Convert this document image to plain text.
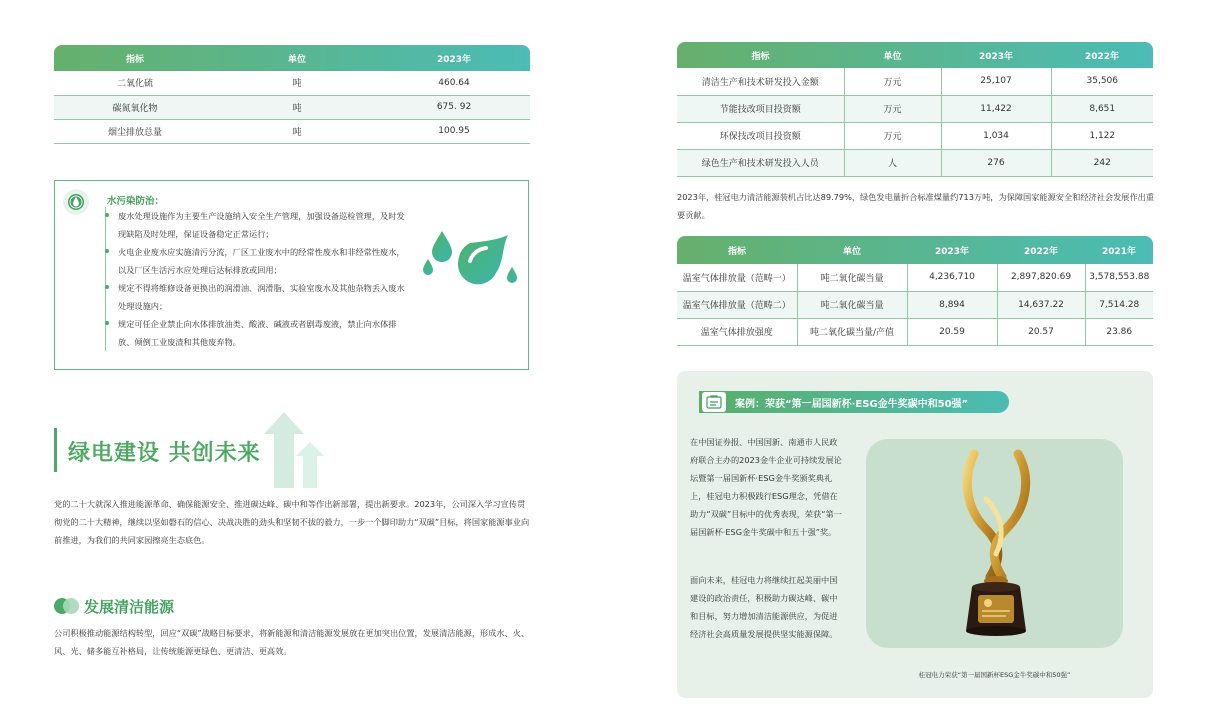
指标	单位	2023年
二氧化硫	吨	460.64
碳氮氧化物	吨	675. 92
烟尘排放总量	吨	100.95
水污染防治：
废水处理设施作为主要生产设施纳入安全生产管理，加强设备巡检管理，及时发现缺陷及时处理，保证设备稳定正常运行；
火电企业废水应实施清污分流，厂区工业废水中的经常性废水和非经常性废水，以及厂区生活污水应处理后达标排放或回用；
规定不得将维修设备更换出的润滑油、润滑脂、实验室废水及其他杂物丢入废水处理设施内；
规定可任企业禁止向水体排放油类、酸液、碱液或者剧毒废液，禁止向水体排放、倾倒工业废渣和其他废弃物。
绿电建设 共创未来
党的二十大就深入推进能源革命、确保能源安全、推进碳达峰、碳中和等作出新部署，提出新要求。2023年，公司深入学习宣传贯彻党的二十大精神，继续以坚如磐石的信心、决战决胜的劲头和坚韧不拔的毅力，一步一个脚印助力“双碳”目标，将国家能源事业向前推进，为我们的共同家园擦亮生态底色。
发展清洁能源
公司积极推动能源结构转型，回应“双碳”战略目标要求，将新能源和清洁能源发展放在更加突出位置，发展清洁能源，形成水、火、风、光、储多能互补格局，让传统能源更绿色、更清洁、更高效。
指标	单位	2023年	2022年
清洁生产和技术研发投入金额	万元	25,107	35,506
节能技改项目投资额	万元	11,422	8,651
环保技改项目投资额	万元	1,034	1,122
绿色生产和技术研发投入人员	人	276	242
2023年，桂冠电力清洁能源装机占比达89.79%，绿色发电量折合标准煤量约713万吨，为保障国家能源安全和经济社会发展作出重要贡献。
指标	单位	2023年	2022年	2021年
温室气体排放量（范畴一）	吨二氧化碳当量	4,236,710	2,897,820.69	3,578,553.88
温室气体排放量（范畴二）	吨二氧化碳当量	8,894	14,637.22	7,514.28
温室气体排放强度	吨二氧化碳当量/产值	20.59	20.57	23.86
案例：荣获“第一届国新杯·ESG金牛奖碳中和50强”
在中国证券报、中国国新、南通市人民政府联合主办的2023金牛企业可持续发展论坛暨第一届国新杯·ESG金牛奖颁奖典礼上，桂冠电力积极践行ESG理念，凭借在助力“双碳”目标中的优秀表现，荣获“第一届国新杯·ESG金牛奖碳中和五十强”奖。
面向未来，桂冠电力将继续扛起美丽中国建设的政治责任，积极助力碳达峰、碳中和目标，努力增加清洁能源供应，为促进经济社会高质量发展提供坚实能源保障。
桂冠电力荣获“第一届国新杯ESG金牛奖碳中和50强”
